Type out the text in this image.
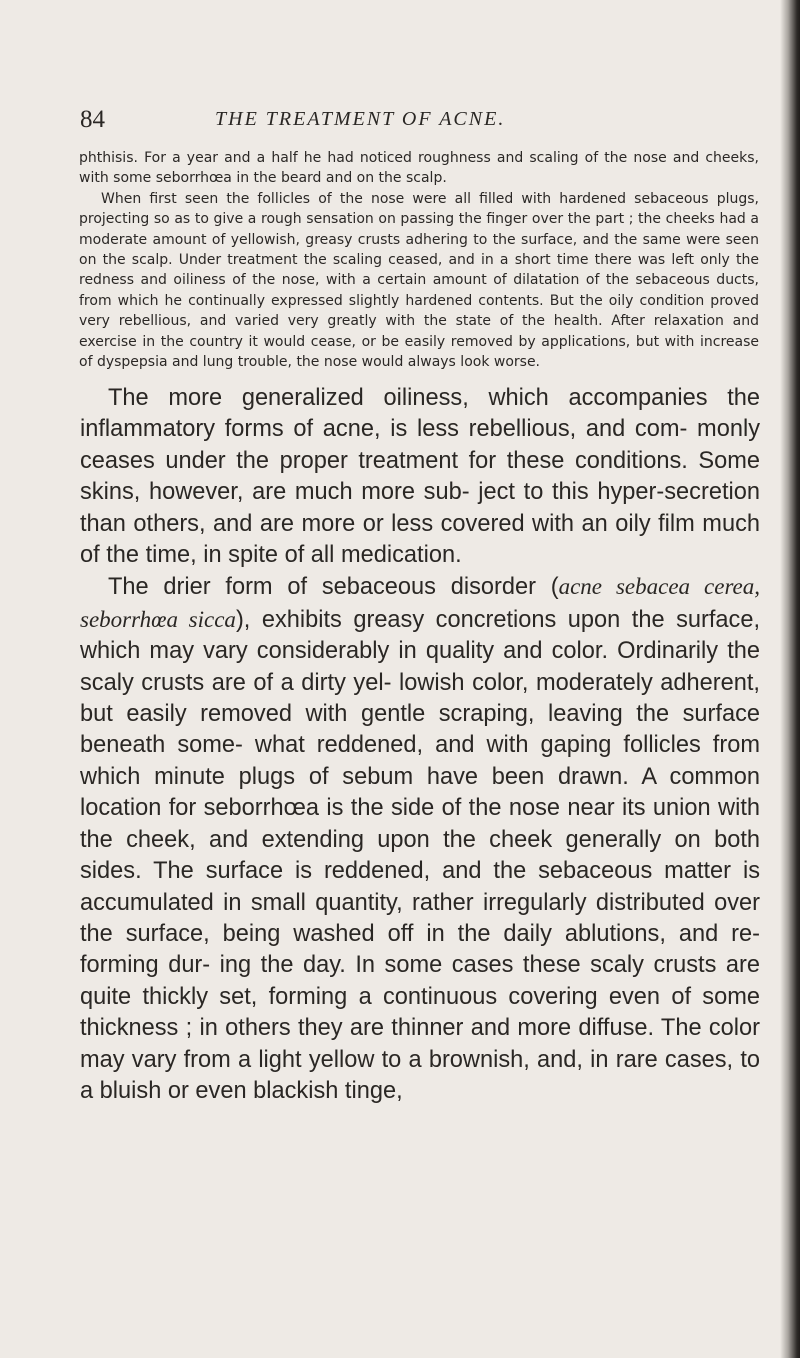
84	THE TREATMENT OF ACNE.

phthisis. For a year and a half he had noticed roughness and scaling of the nose and cheeks, with some seborrhœa in the beard and on the scalp.

When first seen the follicles of the nose were all filled with hardened sebaceous plugs, projecting so as to give a rough sensation on passing the finger over the part ; the cheeks had a moderate amount of yellowish, greasy crusts adhering to the surface, and the same were seen on the scalp. Under treatment the scaling ceased, and in a short time there was left only the redness and oiliness of the nose, with a certain amount of dilatation of the sebaceous ducts, from which he continually expressed slightly hardened contents. But the oily condition proved very rebellious, and varied very greatly with the state of the health. After relaxation and exercise in the country it would cease, or be easily removed by applications, but with increase of dyspepsia and lung trouble, the nose would always look worse.

The more generalized oiliness, which accompanies the inflammatory forms of acne, is less rebellious, and com- monly ceases under the proper treatment for these conditions. Some skins, however, are much more sub- ject to this hyper-secretion than others, and are more or less covered with an oily film much of the time, in spite of all medication.

The drier form of sebaceous disorder (acne sebacea cerea, seborrhœa sicca), exhibits greasy concretions upon the surface, which may vary considerably in quality and color. Ordinarily the scaly crusts are of a dirty yel- lowish color, moderately adherent, but easily removed with gentle scraping, leaving the surface beneath some- what reddened, and with gaping follicles from which minute plugs of sebum have been drawn. A common location for seborrhœa is the side of the nose near its union with the cheek, and extending upon the cheek generally on both sides. The surface is reddened, and the sebaceous matter is accumulated in small quantity, rather irregularly distributed over the surface, being washed off in the daily ablutions, and re-forming dur- ing the day. In some cases these scaly crusts are quite thickly set, forming a continuous covering even of some thickness ; in others they are thinner and more diffuse. The color may vary from a light yellow to a brownish, and, in rare cases, to a bluish or even blackish tinge,
